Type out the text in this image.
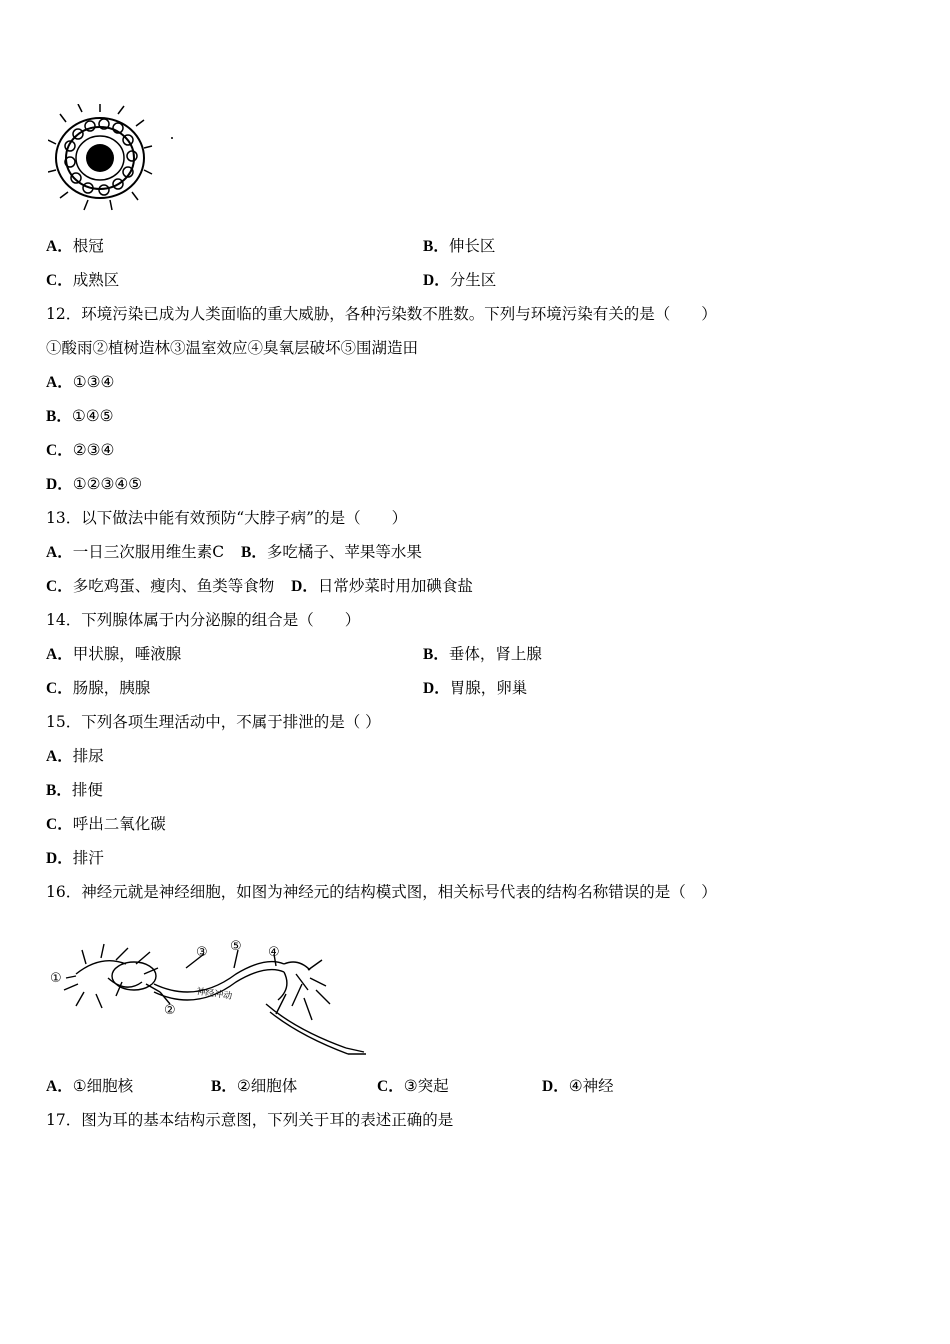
A．根冠	B．伸长区
C．成熟区	D．分生区
12．环境污染已成为人类面临的重大威胁，各种污染数不胜数。下列与环境污染有关的是（　　）
①酸雨②植树造林③温室效应④臭氧层破坏⑤围湖造田
A．①③④
B．①④⑤
C．②③④
D．①②③④⑤
13．以下做法中能有效预防“大脖子病”的是（　　）
A．一日三次服用维生素C B．多吃橘子、苹果等水果
C．多吃鸡蛋、瘦肉、鱼类等食物 D．日常炒菜时用加碘食盐
14．下列腺体属于内分泌腺的组合是（　　）
A．甲状腺，唾液腺	B．垂体，肾上腺
C．肠腺，胰腺	D．胃腺，卵巢
15．下列各项生理活动中，不属于排泄的是（ ）
A．排尿
B．排便
C．呼出二氧化碳
D．排汗
16．神经元就是神经细胞，如图为神经元的结构模式图，相关标号代表的结构名称错误的是（　）
神经冲动
①
②
③	④
⑤
A．①细胞核	B．②细胞体	C．③突起	D．④神经
17．图为耳的基本结构示意图，下列关于耳的表述正确的是
